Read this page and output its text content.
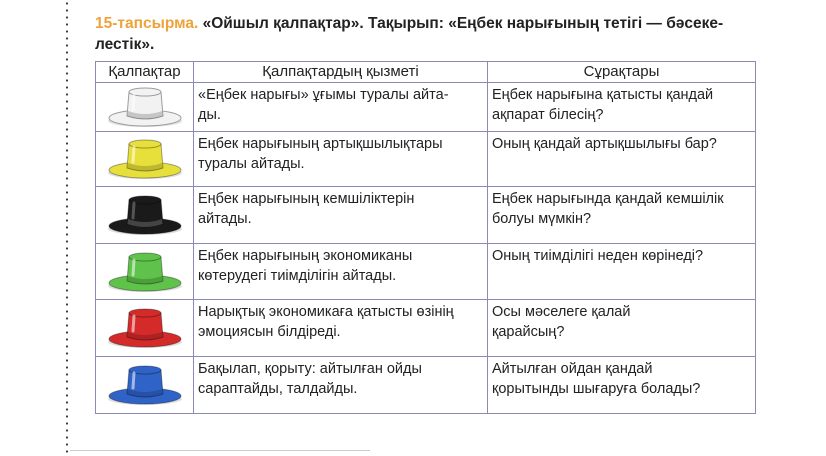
15-тапсырма. «Ойшыл қалпақтар». Тақырып: «Еңбек нарығының тетігі — бәсеке-
лестік».
Қалпақтар	Қалпақтардың қызметі	Сұрақтары

	«Еңбек нарығы» ұғымы туралы айта-
ды.	Еңбек нарығына қатысты қандай
ақпарат білесің?

	Еңбек нарығының артықшылықтары
туралы айтады.	Оның қандай артықшылығы бар?

	Еңбек нарығының кемшіліктерін
айтады.	Еңбек нарығында қандай кемшілік
болуы мүмкін?

	Еңбек нарығының экономиканы
көтерудегі тиімділігін айтады.	Оның тиімділігі неден көрінеді?

	Нарықтық экономикаға қатысты өзінің
эмоциясын білдіреді.	Осы мәселеге қалай
қарайсың?

	Бақылап, қорыту: айтылған ойды
сараптайды, талдайды.	Айтылған ойдан қандай
қорытынды шығаруға болады?
